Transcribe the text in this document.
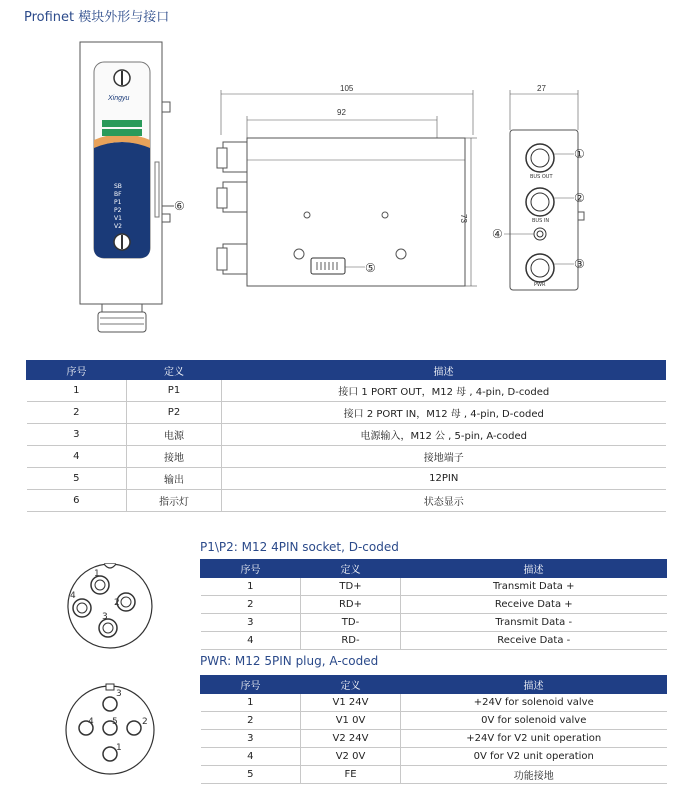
Profinet 模块外形与接口
Xingyu
SB
BF
P1
P2
V1
V2
⑥
105
92
⑤
73
27
BUS OUT
BUS IN
PWR
①
②
④
③
序号	定义	描述
1	P1	接口 1 PORT OUT，M12 母 , 4-pin, D-coded
2	P2	接口 2 PORT IN，M12 母 , 4-pin, D-coded
3	电源	电源输入，M12 公 , 5-pin, A-coded
4	接地	接地端子
5	输出	12PIN
6	指示灯	状态显示
P1\P2: M12 4PIN socket, D-coded
1
2
3
4
序号	定义	描述
1	TD+	Transmit Data +
2	RD+	Receive Data +
3	TD-	Transmit Data -
4	RD-	Receive Data -
PWR: M12 5PIN plug, A-coded
3
4 5	2
1
序号	定义	描述
1	V1 24V	+24V for solenoid valve
2	V1 0V	0V for solenoid valve
3	V2 24V	+24V for V2 unit operation
4	V2 0V	0V for V2 unit operation
5	FE	功能接地
